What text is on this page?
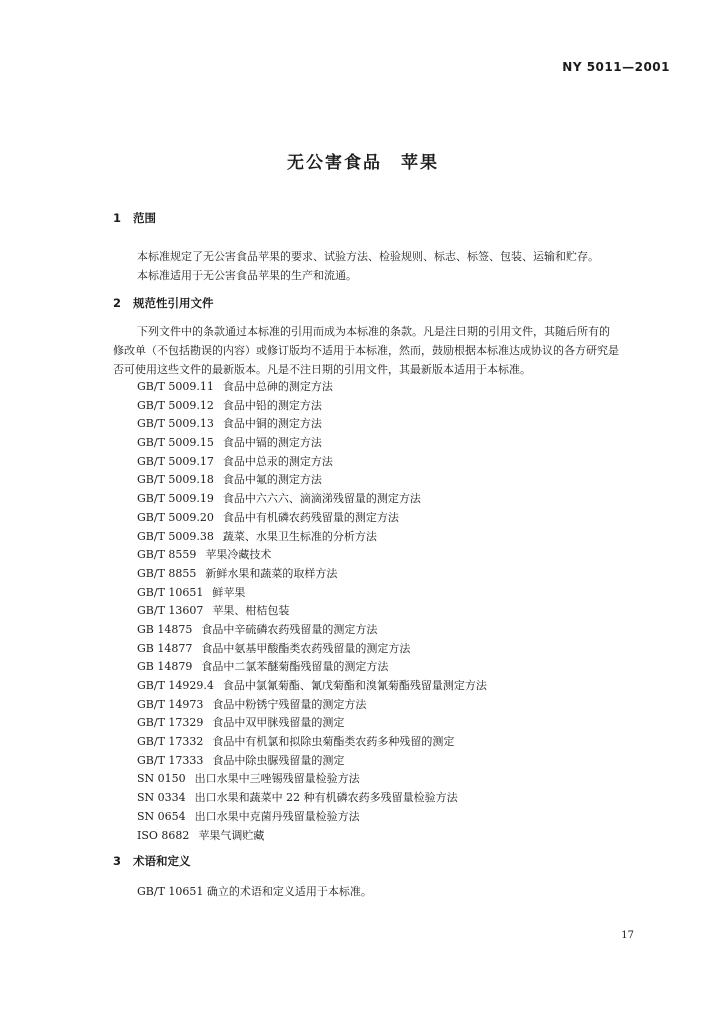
NY 5011—2001
无公害食品　苹果
1 范围
本标准规定了无公害食品苹果的要求、试验方法、检验规则、标志、标签、包装、运输和贮存。
本标准适用于无公害食品苹果的生产和流通。
2 规范性引用文件
下列文件中的条款通过本标准的引用而成为本标准的条款。凡是注日期的引用文件，其随后所有的
修改单（不包括勘误的内容）或修订版均不适用于本标准，然而，鼓励根据本标准达成协议的各方研究是
否可使用这些文件的最新版本。凡是不注日期的引用文件，其最新版本适用于本标准。
GB/T 5009.11 食品中总砷的测定方法
GB/T 5009.12 食品中铅的测定方法
GB/T 5009.13 食品中铜的测定方法
GB/T 5009.15 食品中镉的测定方法
GB/T 5009.17 食品中总汞的测定方法
GB/T 5009.18 食品中氟的测定方法
GB/T 5009.19 食品中六六六、滴滴涕残留量的测定方法
GB/T 5009.20 食品中有机磷农药残留量的测定方法
GB/T 5009.38 蔬菜、水果卫生标准的分析方法
GB/T 8559 苹果冷藏技术
GB/T 8855 新鲜水果和蔬菜的取样方法
GB/T 10651 鲜苹果
GB/T 13607 苹果、柑桔包装
GB 14875 食品中辛硫磷农药残留量的测定方法
GB 14877 食品中氨基甲酸酯类农药残留量的测定方法
GB 14879 食品中二氯苯醚菊酯残留量的测定方法
GB/T 14929.4 食品中氯氰菊酯、氰戊菊酯和溴氰菊酯残留量测定方法
GB/T 14973 食品中粉锈宁残留量的测定方法
GB/T 17329 食品中双甲脒残留量的测定
GB/T 17332 食品中有机氯和拟除虫菊酯类农药多种残留的测定
GB/T 17333 食品中除虫脲残留量的测定
SN 0150 出口水果中三唑锡残留量检验方法
SN 0334 出口水果和蔬菜中 22 种有机磷农药多残留量检验方法
SN 0654 出口水果中克菌丹残留量检验方法
ISO 8682 苹果气调贮藏
3 术语和定义
GB/T 10651 确立的术语和定义适用于本标准。
17
